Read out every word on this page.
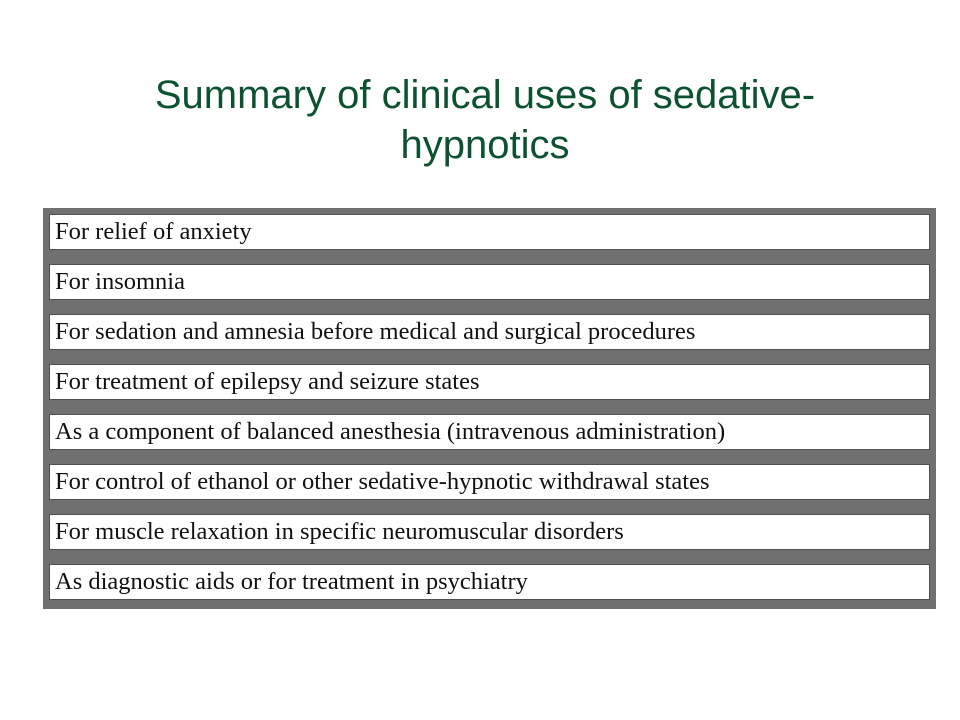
Summary of clinical uses of sedative-
hypnotics
For relief of anxiety
For insomnia
For sedation and amnesia before medical and surgical procedures
For treatment of epilepsy and seizure states
As a component of balanced anesthesia (intravenous administration)
For control of ethanol or other sedative-hypnotic withdrawal states
For muscle relaxation in specific neuromuscular disorders
As diagnostic aids or for treatment in psychiatry
